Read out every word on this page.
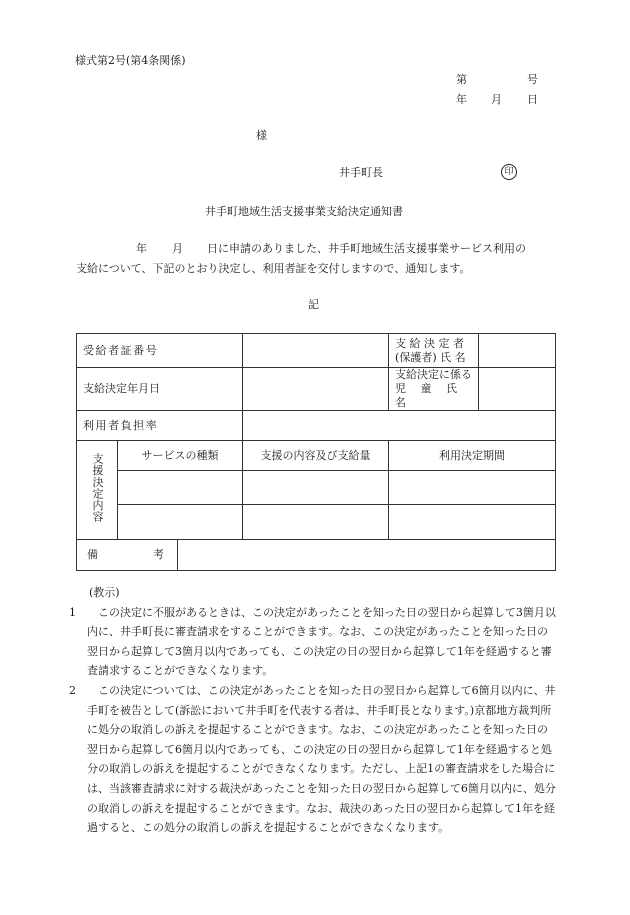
様式第2号(第4条関係)
第	号
年 月 日
様
井手町長	印
井手町地域生活支援事業支給決定通知書
年 月 日に申請のありました、井手町地域生活支援事業サービス利用の
支給について、下記のとおり決定し、利用者証を交付しますので、通知します。
記
受給者証番号				支 給 決 定 者
(保護者) 氏 名	
支給決定年月日				支給決定に係る
児 童 氏 名	
利用者負担率					
支援決定内容	サービスの種類		支援の内容及び支給量	利用決定期間	

備　　　　　考					

(教示)

1	この決定に不服があるときは、この決定があったことを知った日の翌日から起算して3箇月以内に、井手町長に審査請求をすることができます。なお、この決定があったことを知った日の翌日から起算して3箇月以内であっても、この決定の日の翌日から起算して1年を経過すると審査請求することができなくなります。

2	この決定については、この決定があったことを知った日の翌日から起算して6箇月以内に、井手町を被告として(訴訟において井手町を代表する者は、井手町長となります。)京都地方裁判所に処分の取消しの訴えを提起することができます。なお、この決定があったことを知った日の翌日から起算して6箇月以内であっても、この決定の日の翌日から起算して1年を経過すると処分の取消しの訴えを提起することができなくなります。ただし、上記1の審査請求をした場合には、当該審査請求に対する裁決があったことを知った日の翌日から起算して6箇月以内に、処分の取消しの訴えを提起することができます。なお、裁決のあった日の翌日から起算して1年を経過すると、この処分の取消しの訴えを提起することができなくなります。
